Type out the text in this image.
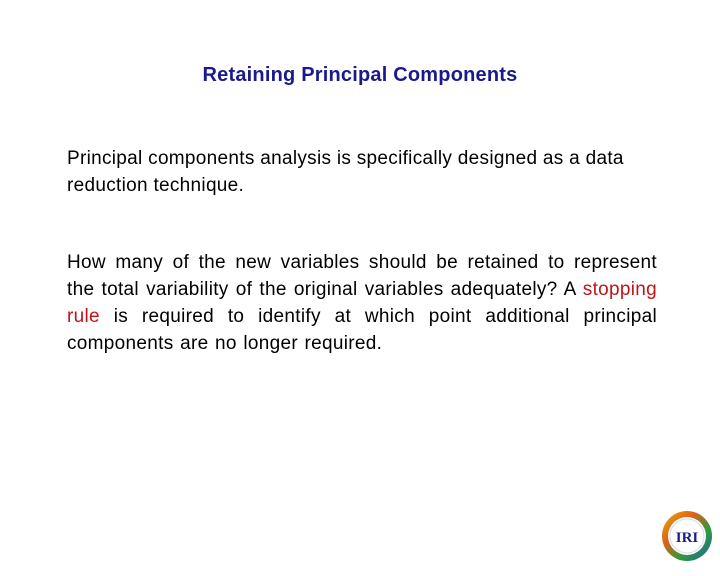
Retaining Principal Components
Principal components analysis is specifically designed as a data reduction technique.
How many of the new variables should be retained to represent the total variability of the original variables adequately? A stopping rule is required to identify at which point additional principal components are no longer required.
IRI
